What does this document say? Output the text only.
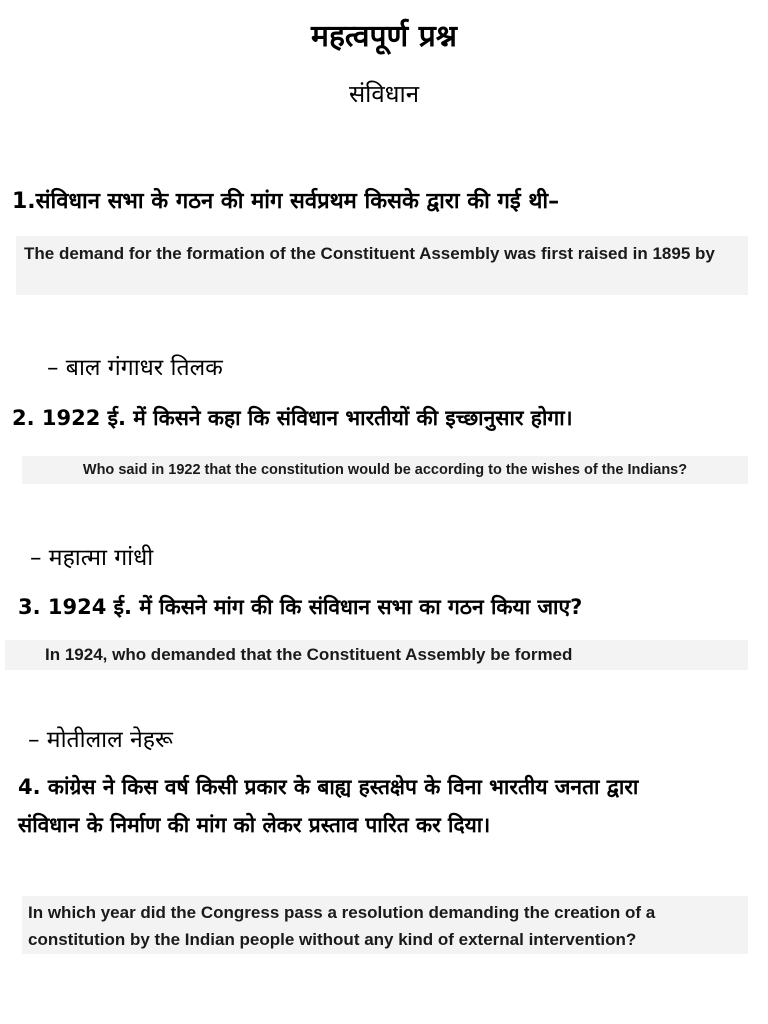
महत्वपूर्ण प्रश्न
संविधान
1.संविधान सभा के गठन की मांग सर्वप्रथम किसके द्वारा की गई थी–
The demand for the formation of the Constituent Assembly was first raised in 1895 by
– बाल गंगाधर तिलक
2. 1922 ई. में किसने कहा कि संविधान भारतीयों की इच्छानुसार होगा।
Who said in 1922 that the constitution would be according to the wishes of the Indians?
– महात्मा गांधी
3. 1924 ई. में किसने मांग की कि संविधान सभा का गठन किया जाए?
In 1924, who demanded that the Constituent Assembly be formed
– मोतीलाल नेहरू
4. कांग्रेस ने किस वर्ष किसी प्रकार के बाह्य हस्तक्षेप के विना भारतीय जनता द्वारा संविधान के निर्माण की मांग को लेकर प्रस्ताव पारित कर दिया।
In which year did the Congress pass a resolution demanding the creation of a constitution by the Indian people without any kind of external intervention?
